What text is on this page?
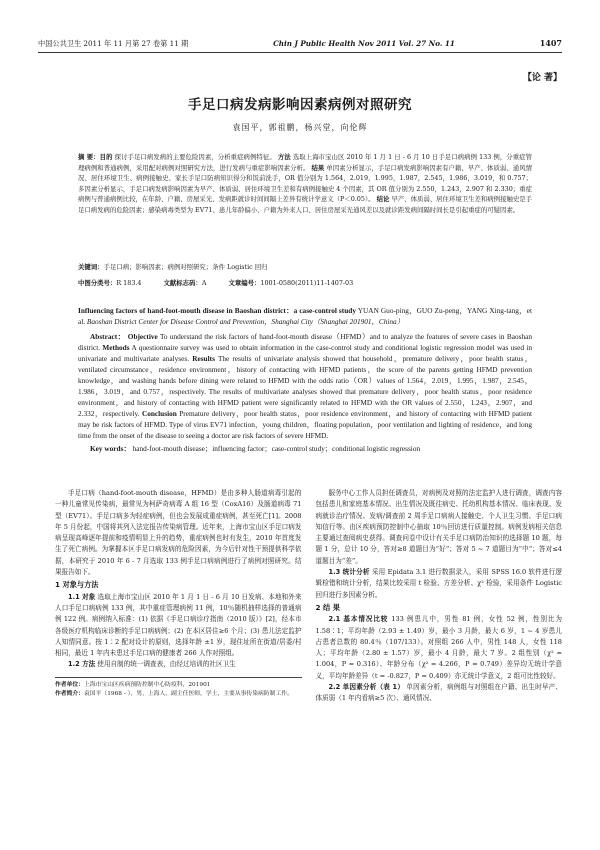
中国公共卫生 2011 年 11 月第 27 卷第 11 期	Chin J Public Health Nov 2011 Vol. 27 No. 11	1407
【论 著】
手足口病发病影响因素病例对照研究
袁国平，郭祖鹏，杨兴堂，向伦辉
摘 要：目的 探讨手足口病发病的主要危险因素，分析重症病例特征。 方法 选取上海市宝山区 2010 年 1 月 1 日 - 6 月 10 日手足口病病例 133 例，分重症管理病例和普通病例，采用配对病例对照研究方法，进行发病与重症影响因素分析。 结果 单因素分析显示，手足口病发病影响因素有户籍、早产、体质弱、通风情况、居住环境卫生、病例接触史、家长手足口防病知识得分和饭前洗手，OR 值分别为 1.564，2.019，1.995，1.987，2.545，1.986，3.019，和 0.757；多因素分析显示，手足口病发病影响因素为早产、体质弱、居住环境卫生差和有病例接触史 4 个因素，其 OR 值分别为 2.550，1.243，2.907 和 2.330；重症病例与普通病例比较，在年龄、户籍、房屋采光、发病距就诊时间间隔上差异有统计学意义（P＜0.05）。 结论 早产、体质弱、居住环境卫生差和病例接触史是手足口病发病的危险因素；感染病毒类型为 EV71、患儿年龄偏小、户籍为外来人口、居住房屋采光通风差以及就诊距发病间隔时间长是引起重症的可疑因素。
关键词：手足口病；影响因素；病例对照研究；条件 Logistic 回归
中图分类号：R 183.4	文献标志码：A	文章编号：1001-0580(2011)11-1407-03
Influencing factors of hand-foot-mouth disease in Baoshan district：a case-control study YUAN Guo-ping，GUO Zu-peng，YANG Xing-tang，et al. Baoshan District Center for Disease Control and Prevention，Shanghai City（Shanghai 201901，China）
Abstract： Objective To understand the risk factors of hand-foot-mouth disease（HFMD）and to analyze the features of severe cases in Baoshan district. Methods A questionnaire survey was used to obtain information in the case-control study and conditional logistic regression model was used in univariate and multivariate analyses. Results The results of univariate analysis showed that household，premature delivery，poor health status，ventilated circumstance，residence environment，history of contacting with HFMD patients，the score of the parents getting HFMD prevention knowledge，and washing hands before dining were related to HFMD with the odds ratio（OR）values of 1.564，2.019，1.995，1.987，2.545，1.986，3.019，and 0.757，respectively. The results of multivariate analyses showed that premature delivery，poor health status，poor residence environment，and history of contacting with HFMD patient were significantly related to HFMD with the OR values of 2.550，1.243，2.907，and 2.332，respectively. Conclusion Premature delivery，poor health status，poor residence environment，and history of contacting with HFMD patient may be risk factors of HFMD. Type of virus EV71 infection，young children，floating population，poor ventilation and lighting of residence，and long time from the onset of the disease to seeing a doctor are risk factors of severe HFMD.
Key words： hand-foot-mouth disease；influencing factor；case-control study；conditional logistic regression

手足口病（hand-foot-mouth disease，HFMD）是由多种人肠道病毒引起的一种儿童常见传染病，最常见为柯萨奇病毒 A 组 16 型（CoxA16）及肠道病毒 71 型（EV71）。手足口病多为轻症病例，但也会发展成重症病例，甚至死亡[1]。2008 年 5 月份起，中国将其列入法定报告传染病管理。近年来，上海市宝山区手足口病发病呈现高峰逐年提前和疫情明显上升的趋势，重症病例也时有发生，2010 年首度发生了死亡病例。为掌握本区手足口病发病的危险因素，为今后针对性干预提供科学依据，本研究于 2010 年 6 - 7 月选取 133 例手足口病病例进行了病例对照研究。结果报告如下。

1 对象与方法

1.1 对象 选取上海市宝山区 2010 年 1 月 1 日 - 6 月 10 日发病、本地和外来人口手足口病病例 133 例，其中重症管理病例 11 例，10％随机抽样选择的普通病例 122 例。病例纳入标准：(1) 依据《手足口病诊疗指南（2010 版）》[2]，经本市各级医疗机构临床诊断的手足口病病例；(2) 在本区居住≥6 个月；(3) 患儿法定监护人知情同意。按 1∶2 配对设计的原则，选择年龄 ±1 岁，现住址所在街道/居委/村相同，最近 1 年内未患过手足口病的健康者 266 人作对照组。

1.2 方法 使用自制的统一调查表，由经过培训的社区卫生

作者单位：上海市宝山区疾病预防控制中心防疫科，201901
作者简介：袁国平（1968 - ），男，上海人，副主任医师，学士，主要从事传染病防制工作。

服务中心工作人员担任调查员，对病例及对照的法定监护人进行调查，调查内容包括患儿和家庭基本情况、出生情况及既往病史、托幼机构基本情况、临床表现、发病就诊治疗情况、发病/调查前 2 周手足口病病人接触史、个人卫生习惯、手足口病知信行等。由区疾病预防控制中心抽取 10％回访进行质量控制。病例发病相关信息主要通过查阅病史获得。调查问卷中设计有关手足口病防治知识的选择题 10 题，每题 1 分，总计 10 分，答对≥8 道题目为“好”；答对 5 ~ 7 道题目为“中”；答对≤4 道题目为“差”。

1.3 统计分析 采用 Epidata 3.1 进行数据录入，采用 SPSS 16.0 软件进行逻辑检错和统计分析，结果比较采用 t 检验、方差分析、χ² 检验，采用条件 Logistic 回归进行多因素分析。

2 结 果

2.1 基本情况比较 133 例患儿中，男性 81 例，女性 52 例，性别比为 1.58∶1；平均年龄（2.93 ± 1.49）岁，最小 3 月龄，最大 6 岁，1 ~ 4 岁患儿占患者总数的 80.4％（107/133）。对照组 266 人中，男性 148 人，女性 118 人；平均年龄（2.80 ± 1.57）岁，最小 4 月龄，最大 7 岁。2 组性别（χ² = 1.004，P = 0.316）、年龄分布（χ² = 4.266，P = 0.749）差异均无统计学意义，平均年龄差异（t = -0.827，P = 0.409）亦无统计学意义，2 组可比性较好。

2.2 单因素分析（表 1） 单因素分析，病例组与对照组在户籍、出生时早产、体质弱（1 年内看病≥5 次）、通风情况、
